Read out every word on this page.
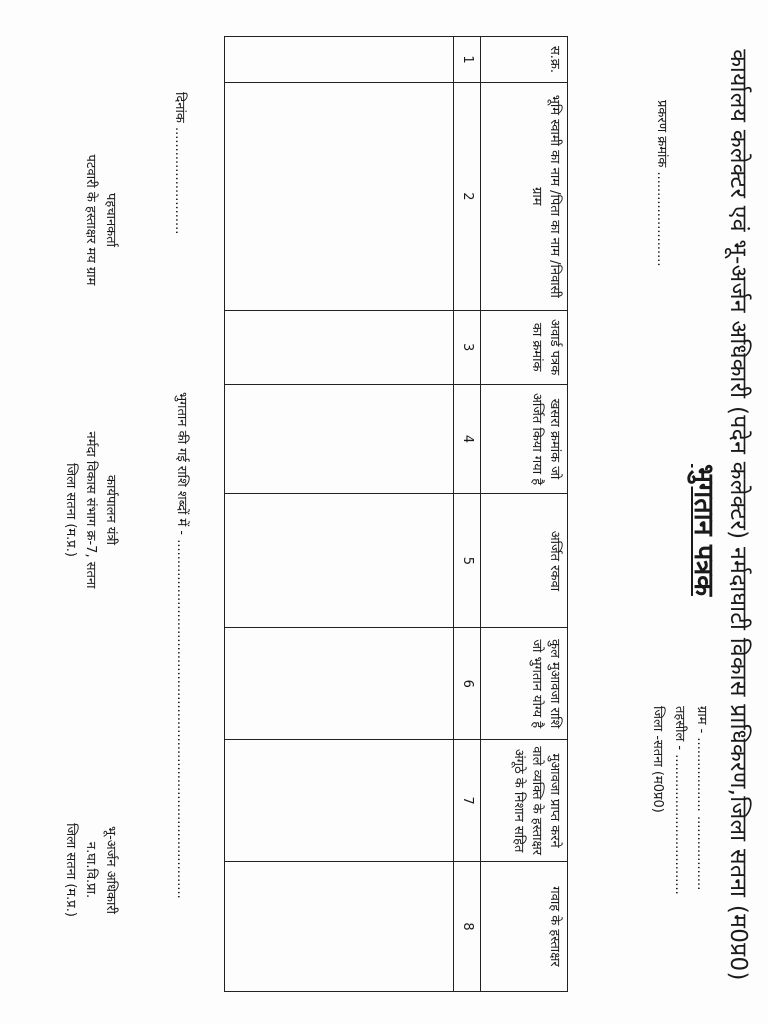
कार्यालय कलेक्टर एवं भू-अर्जन अधिकारी (पदेन कलेक्टर) नर्मदाघाटी विकास प्राधिकरण,जिला सतना (म0प्र0)
भुगतान पत्रक
प्रकरण क्रमांक .......................
ग्राम - .................. ..................
तहसील - ..................................
जिला -सतना (म0प्र0)
स.क्र.	भूमि स्वामी का नाम /पिता का नाम /निवासी ग्राम	अवार्ड पत्रक का क्रमांक	खसरा क्रमांक जो अर्जित किया गया है	अर्जित रकवा	कुल मुआवजा राशि जो भुगतान योग्य है	मुआवजा प्राप्त करने वाले व्यक्ति के हस्ताक्षर अंगूठे के निशान सहित	गवाह के हस्ताक्षर
1	2	3	4	5	6	7	8

दिनांक ..........................
भुगतान की गई राशि शब्दों में - .......................................................................................
पहचानकर्ता
पटवारी के हस्ताक्षर मय ग्राम
कार्यपालन यंत्री
नर्मदा विकास संभाग क्र-7, सतना
जिला सतना (म.प्र.)
भू-अर्जन अधिकारी
न.घा.वि.प्रा.
जिला सतना (म.प्र.)
